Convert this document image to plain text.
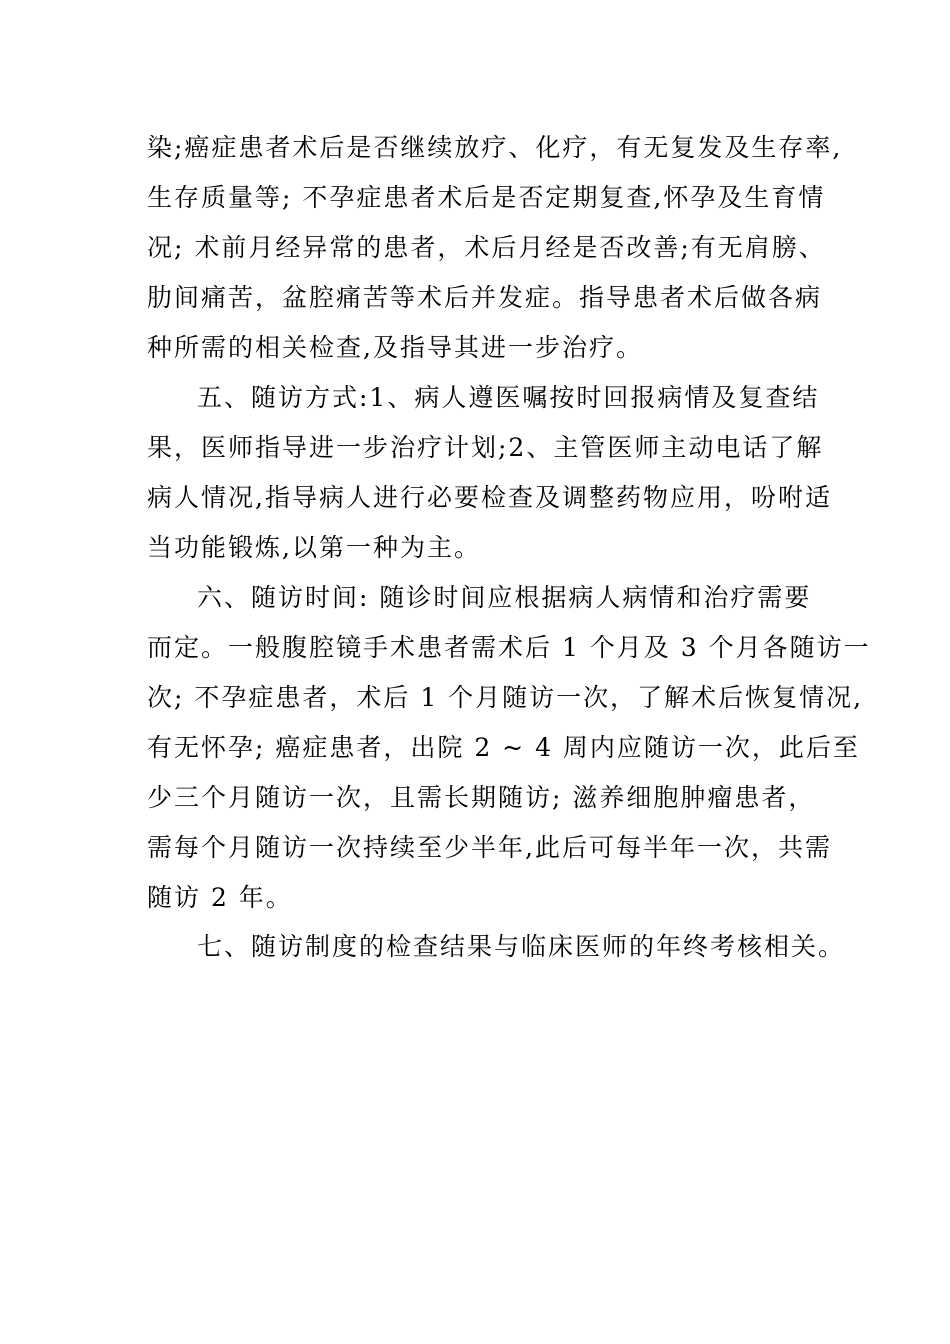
染;癌症患者术后是否继续放疗、化疗，有无复发及生存率,
生存质量等; 不孕症患者术后是否定期复查,怀孕及生育情
况; 术前月经异常的患者，术后月经是否改善;有无肩膀、
肋间痛苦，盆腔痛苦等术后并发症。指导患者术后做各病
种所需的相关检查,及指导其进一步治疗。
五、随访方式:1、病人遵医嘱按时回报病情及复查结
果，医师指导进一步治疗计划;2、主管医师主动电话了解
病人情况,指导病人进行必要检查及调整药物应用，吩咐适
当功能锻炼,以第一种为主。
六、随访时间: 随诊时间应根据病人病情和治疗需要
而定。一般腹腔镜手术患者需术后 1 个月及 3 个月各随访一
次; 不孕症患者，术后 1 个月随访一次，了解术后恢复情况,
有无怀孕; 癌症患者，出院 2 ~ 4 周内应随访一次，此后至
少三个月随访一次，且需长期随访; 滋养细胞肿瘤患者，
需每个月随访一次持续至少半年,此后可每半年一次，共需
随访 2 年。
七、随访制度的检查结果与临床医师的年终考核相关。
